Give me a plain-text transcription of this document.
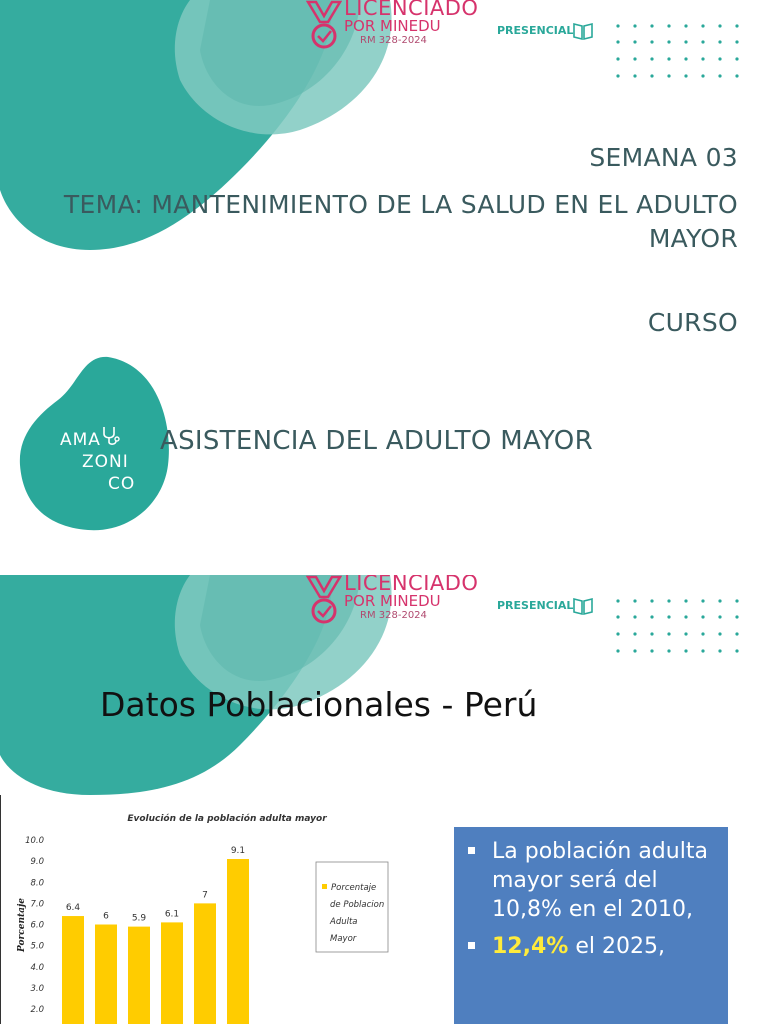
LICENCIADO
POR MINEDU
RM 328-2024
PRESENCIAL
SEMANA 03
TEMA: MANTENIMIENTO DE LA SALUD EN EL ADULTO MAYOR
CURSO
AMA
ZONI
CO
ASISTENCIA DEL ADULTO MAYOR
LICENCIADO
POR MINEDU
RM 328-2024
PRESENCIAL
Datos Poblacionales - Perú
Evolución de la población adulta mayor
Porcentaje
10.0
9.0
8.0
7.0
6.0
5.0
4.0
3.0
2.0
6.4
6	5.9 6.1
7
9.1
Porcentaje
de Poblacion
Adulta
Mayor
La población adulta mayor será del 10,8% en el 2010,
12,4% el 2025,
